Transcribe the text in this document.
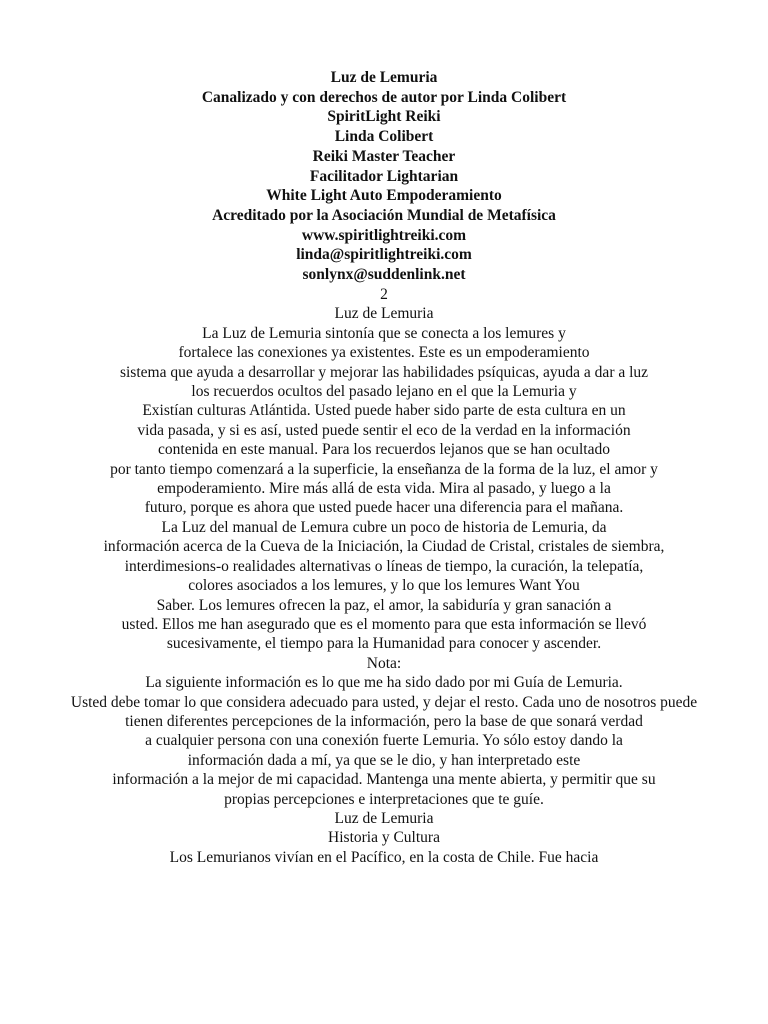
Luz de Lemuria
Canalizado y con derechos de autor por Linda Colibert
SpiritLight Reiki
Linda Colibert
Reiki Master Teacher
Facilitador Lightarian
White Light Auto Empoderamiento
Acreditado por la Asociación Mundial de Metafísica
www.spiritlightreiki.com
linda@spiritlightreiki.com
sonlynx@suddenlink.net
2
Luz de Lemuria
La Luz de Lemuria sintonía que se conecta a los lemures y
fortalece las conexiones ya existentes. Este es un empoderamiento
sistema que ayuda a desarrollar y mejorar las habilidades psíquicas, ayuda a dar a luz
los recuerdos ocultos del pasado lejano en el que la Lemuria y
Existían culturas Atlántida. Usted puede haber sido parte de esta cultura en un
vida pasada, y si es así, usted puede sentir el eco de la verdad en la información
contenida en este manual. Para los recuerdos lejanos que se han ocultado
por tanto tiempo comenzará a la superficie, la enseñanza de la forma de la luz, el amor y
empoderamiento. Mire más allá de esta vida. Mira al pasado, y luego a la
futuro, porque es ahora que usted puede hacer una diferencia para el mañana.
La Luz del manual de Lemura cubre un poco de historia de Lemuria, da
información acerca de la Cueva de la Iniciación, la Ciudad de Cristal, cristales de siembra,
interdimesions-o realidades alternativas o líneas de tiempo, la curación, la telepatía,
colores asociados a los lemures, y lo que los lemures Want You
Saber. Los lemures ofrecen la paz, el amor, la sabiduría y gran sanación a
usted. Ellos me han asegurado que es el momento para que esta información se llevó
sucesivamente, el tiempo para la Humanidad para conocer y ascender.
Nota:
La siguiente información es lo que me ha sido dado por mi Guía de Lemuria.
Usted debe tomar lo que considera adecuado para usted, y dejar el resto. Cada uno de nosotros puede
tienen diferentes percepciones de la información, pero la base de que sonará verdad
a cualquier persona con una conexión fuerte Lemuria. Yo sólo estoy dando la
información dada a mí, ya que se le dio, y han interpretado este
información a la mejor de mi capacidad. Mantenga una mente abierta, y permitir que su
propias percepciones e interpretaciones que te guíe.
Luz de Lemuria
Historia y Cultura
Los Lemurianos vivían en el Pacífico, en la costa de Chile. Fue hacia
